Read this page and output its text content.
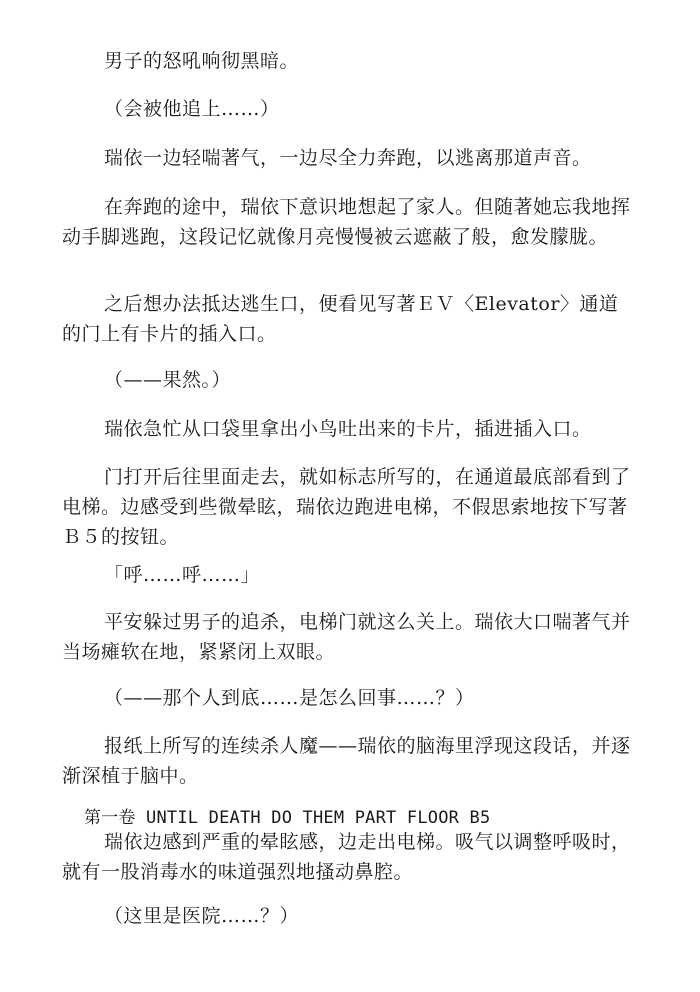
男子的怒吼响彻黑暗。

（会被他追上……）

瑞依一边轻喘著气，一边尽全力奔跑，以逃离那道声音。

在奔跑的途中，瑞依下意识地想起了家人。但随著她忘我地挥动手脚逃跑，这段记忆就像月亮慢慢被云遮蔽了般，愈发朦胧。

之后想办法抵达逃生口，便看见写著ＥＶ〈Elevator〉通道的门上有卡片的插入口。

（——果然。）

瑞依急忙从口袋里拿出小鸟吐出来的卡片，插进插入口。

门打开后往里面走去，就如标志所写的，在通道最底部看到了电梯。边感受到些微晕眩，瑞依边跑进电梯，不假思索地按下写著Ｂ５的按钮。

「呼……呼……」

平安躲过男子的追杀，电梯门就这么关上。瑞依大口喘著气并当场瘫软在地，紧紧闭上双眼。

（——那个人到底……是怎么回事……？）

报纸上所写的连续杀人魔——瑞依的脑海里浮现这段话，并逐渐深植于脑中。

第一卷 UNTIL DEATH DO THEM PART FLOOR B5

瑞依边感到严重的晕眩感，边走出电梯。吸气以调整呼吸时，就有一股消毒水的味道强烈地搔动鼻腔。

（这里是医院……？）
